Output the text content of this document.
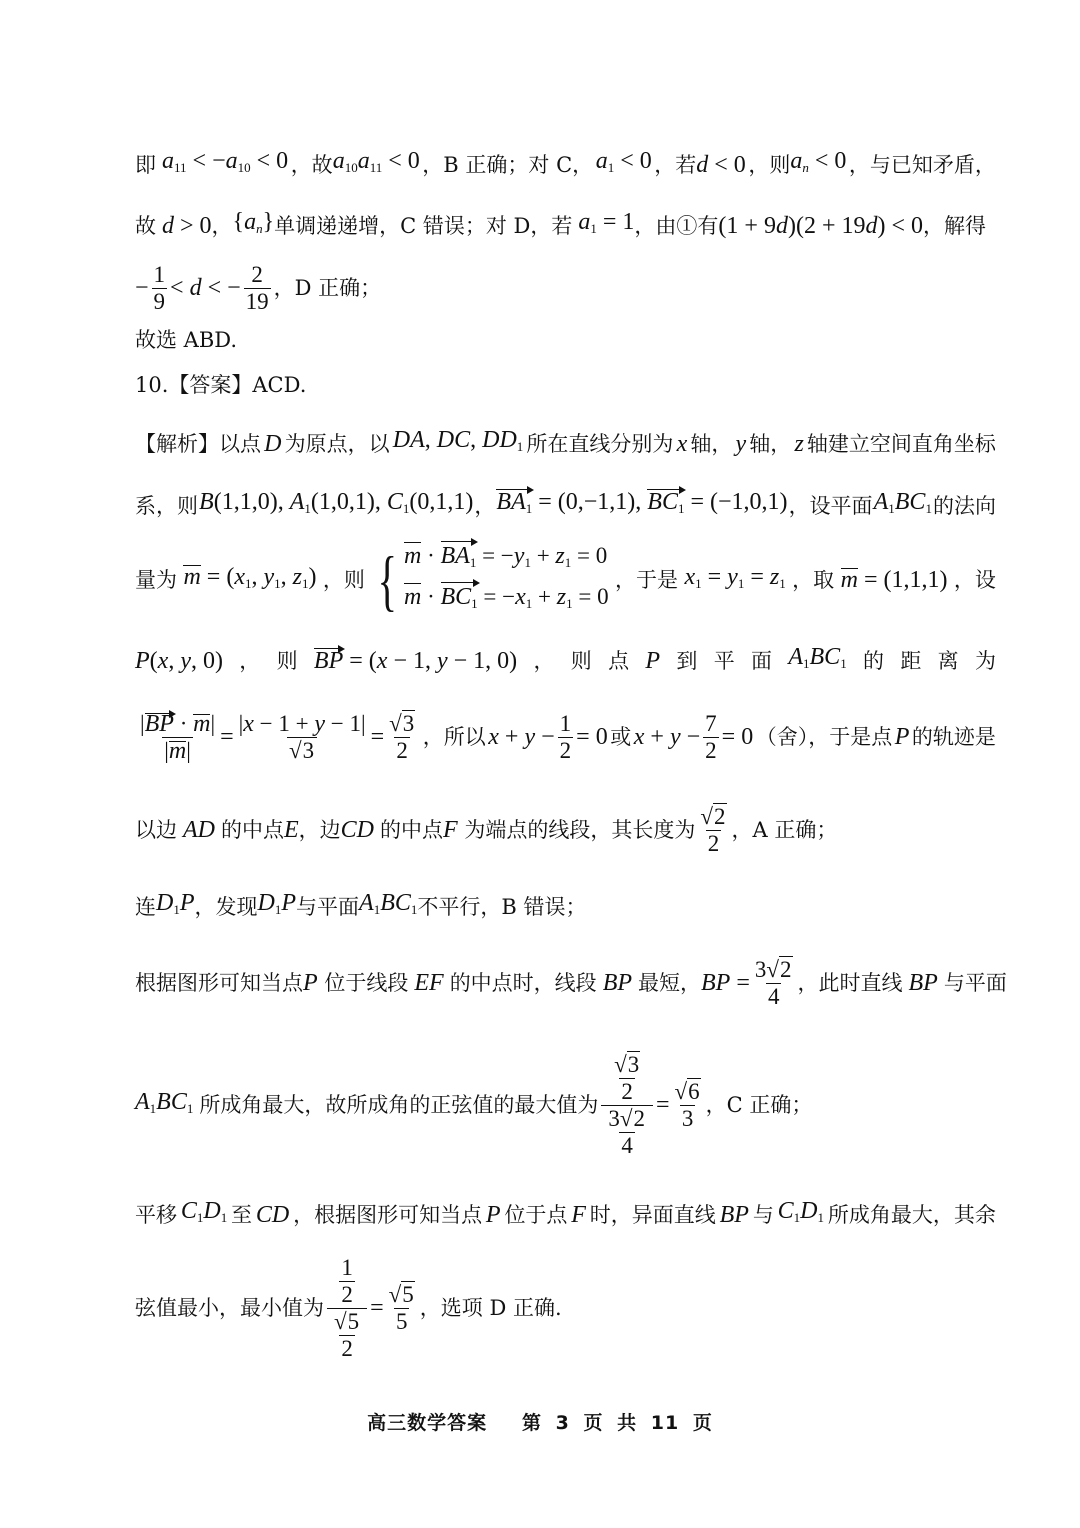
即 $a_{11} < -a_{10} < 0$ ，故 $a_{10}a_{11} < 0$ ，B 正确；对 C， $a_1 < 0$ ，若 d < 0 ，则 $a_n < 0$ ，与已知矛盾，
故 d > 0 ， $\{a_n\}$ 单调递递增，C 错误；对 D，若 $a_1 = 1$ ，由①有 (1 + 9d)(2 + 19d) < 0 ，解得
− $\frac{1}{9} < d$ < − $\frac{2}{19}$ ，D 正确；
故选 ABD.
10.【答案】ACD.
【解析】以点 D 为原点，以 DA, DC, $DD_1$ 所在直线分别为 x 轴， y 轴， z 轴建立空间直角坐标
系，则 B(1,1,0), $A_1(1,0,1)$, $C_1(0,1,1)$ ， $BA_1 = (0,-1,1)$, $BC_1 = (-1,0,1)$ ，设平面 $A_1BC_1$ 的法向
量为 $m = (x_1$, $y_1$, $z_1$) ，则 { $m \cdot BA_1 = -y_1 + z_1 = 0$
$m \cdot BC_1 = -x_1 + z_1 = 0$
，于是 $x_1 = y_1 = z_1$ ，取 m = (1,1,1) ，设
P(x, y, 0) ， 则 BP = (x − 1, y − 1, 0) ， 则 点 P 到 平 面 $A_1BC_1$ 的 距 离 为
$\frac{|BP \cdot m|}{|m|} = \frac{|x - 1 + y - 1|}{√3} = \frac{√3}{2}$ ，所以 $x + y - \frac{1}{2} = 0$ 或 $x + y - \frac{7}{2} = 0$ （舍），于是点 P 的轨迹是
以边 AD 的中点 E ，边 CD 的中点 F
为端点的线段，其长度为 $\frac{√2}{2}$ ，A 正确；
连 $D_1P$ ，发现 $D_1P$ 与平面 $A_1BC_1$ 不平行，B 错误；
根据图形可知当点 P
位于线段 EF 的中点时，线段 BP 最短， BP = $\frac{3√2}{4}$ ，此时直线 BP 与平面
$A_1BC_1$ 所成角最大，故所成角的正弦值的最大值为 $\frac{\frac{√3}{2}}{\frac{3√2}{4}} = \frac{√6}{3}$ ，C 正确；
平移 $C_1D_1$ 至 CD ，根据图形可知当点 P 位于点 F 时，异面直线 BP 与 $C_1D_1$ 所成角最大，其余
弦值最小，最小值为 $\frac{\frac{1}{2}}{\frac{√5}{2}} = \frac{√5}{5}$ ，选项 D 正确.
高三数学答案 第 3 页 共 11 页
